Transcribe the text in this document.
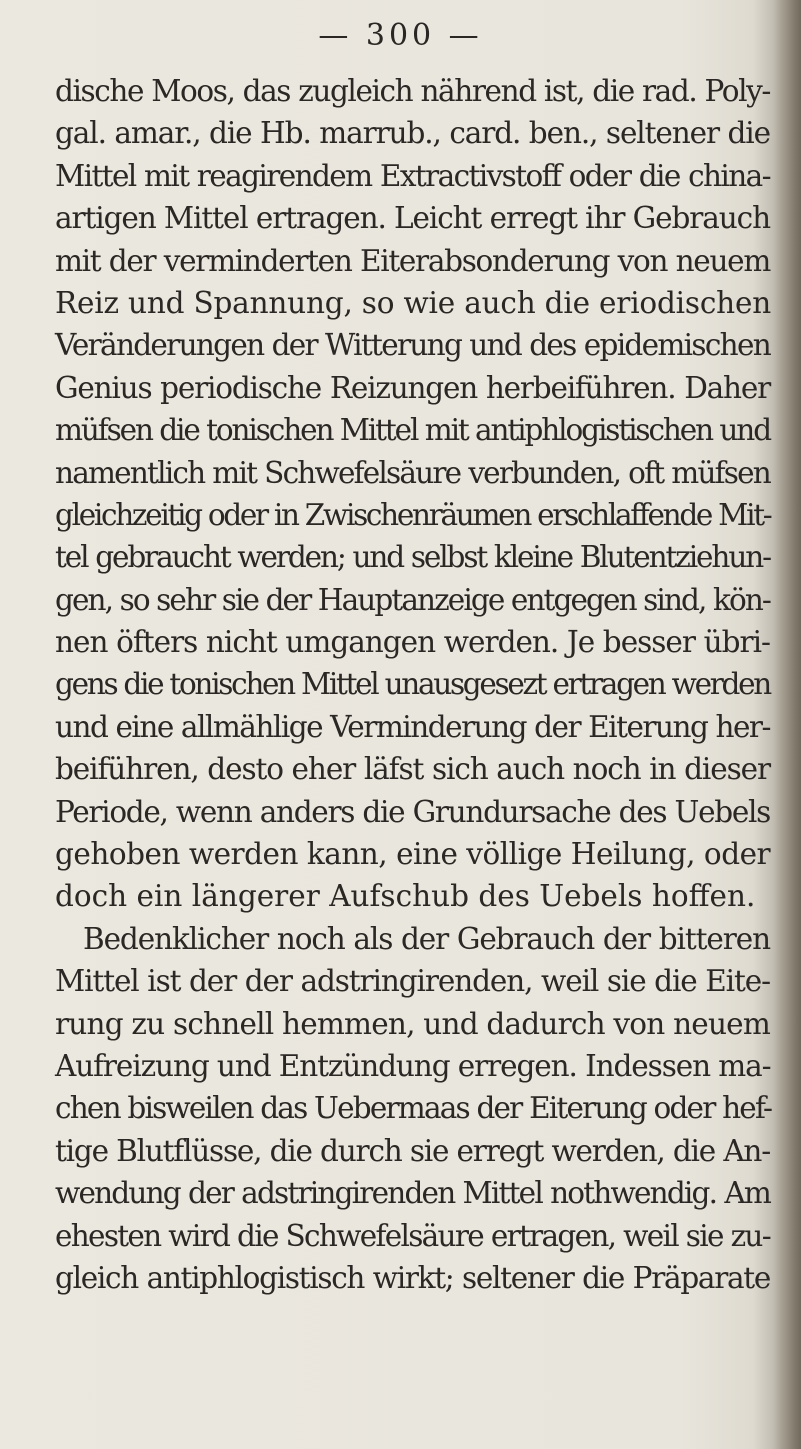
— 300 —
dische Moos, das zugleich nährend ist, die rad. Poly-
gal. amar., die Hb. marrub., card. ben., seltener die
Mittel mit reagirendem Extractivstoff oder die china-
artigen Mittel ertragen. Leicht erregt ihr Gebrauch
mit der verminderten Eiterabsonderung von neuem
Reiz und Spannung, so wie auch die eriodischen
Veränderungen der Witterung und des epidemischen
Genius periodische Reizungen herbeiführen. Daher
müfsen die tonischen Mittel mit antiphlogistischen und
namentlich mit Schwefelsäure verbunden, oft müfsen
gleichzeitig oder in Zwischenräumen erschlaffende Mit-
tel gebraucht werden; und selbst kleine Blutentziehun-
gen, so sehr sie der Hauptanzeige entgegen sind, kön-
nen öfters nicht umgangen werden. Je besser übri-
gens die tonischen Mittel unausgesezt ertragen werden
und eine allmählige Verminderung der Eiterung her-
beiführen, desto eher läfst sich auch noch in dieser
Periode, wenn anders die Grundursache des Uebels
gehoben werden kann, eine völlige Heilung, oder
doch ein längerer Aufschub des Uebels hoffen.
Bedenklicher noch als der Gebrauch der bitteren
Mittel ist der der adstringirenden, weil sie die Eite-
rung zu schnell hemmen, und dadurch von neuem
Aufreizung und Entzündung erregen. Indessen ma-
chen bisweilen das Uebermaas der Eiterung oder hef-
tige Blutflüsse, die durch sie erregt werden, die An-
wendung der adstringirenden Mittel nothwendig. Am
ehesten wird die Schwefelsäure ertragen, weil sie zu-
gleich antiphlogistisch wirkt; seltener die Präparate
